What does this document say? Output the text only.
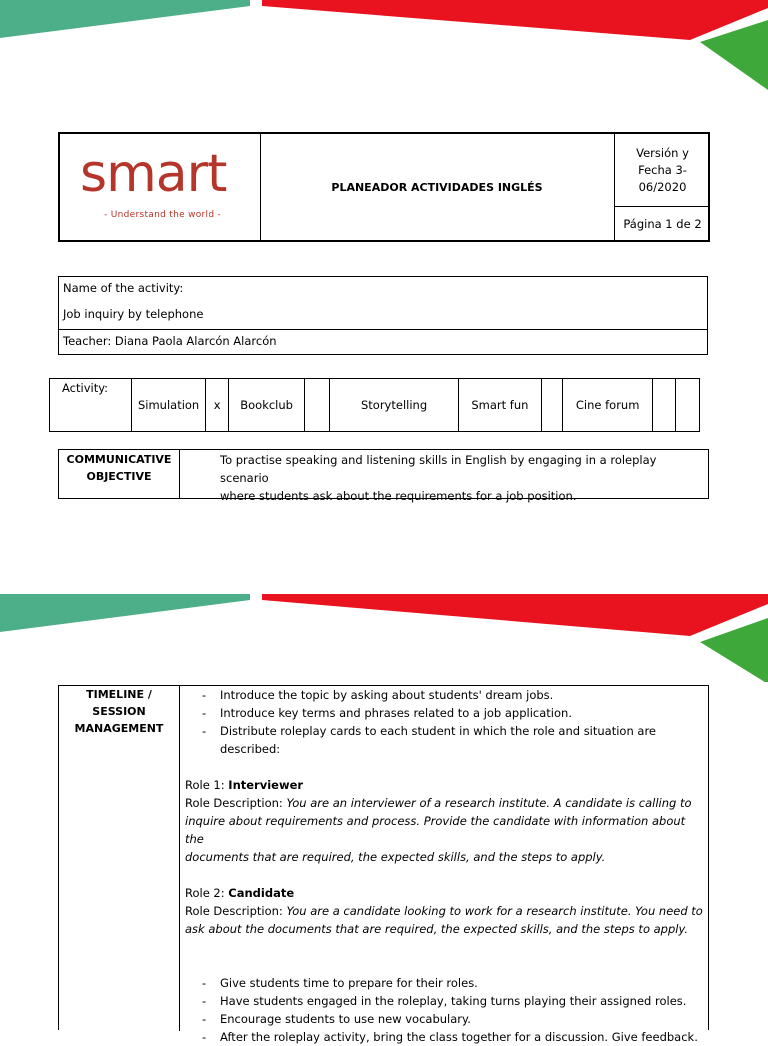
smart
- Understand the world -
PLANEADOR ACTIVIDADES INGLÉS
Versión y
Fecha 3-
06/2020
Página 1 de 2
Name of the activity:
Job inquiry by telephone
Teacher: Diana Paola Alarcón Alarcón
Activity:	Simulation	x	Bookclub		Storytelling	Smart fun		Cine forum		
COMMUNICATIVE
OBJECTIVE
To practise speaking and listening skills in English by engaging in a roleplay scenario
where students ask about the requirements for a job position.
TIMELINE / SESSION
MANAGEMENT
- Introduce the topic by asking about students' dream jobs.
- Introduce key terms and phrases related to a job application.
- Distribute roleplay cards to each student in which the role and situation are described:
Role 1: Interviewer
Role Description: You are an interviewer of a research institute. A candidate is calling to
inquire about requirements and process. Provide the candidate with information about the
documents that are required, the expected skills, and the steps to apply.
Role 2: Candidate
Role Description: You are a candidate looking to work for a research institute. You need to
ask about the documents that are required, the expected skills, and the steps to apply.
- Give students time to prepare for their roles.
- Have students engaged in the roleplay, taking turns playing their assigned roles.
- Encourage students to use new vocabulary.
- After the roleplay activity, bring the class together for a discussion. Give feedback.
